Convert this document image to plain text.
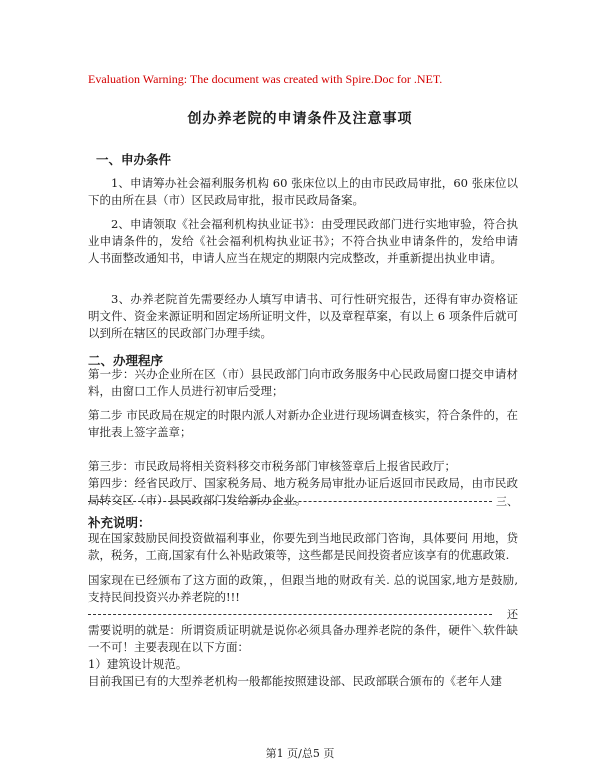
Evaluation Warning: The document was created with Spire.Doc for .NET.
创办养老院的申请条件及注意事项
一、申办条件
1、申请筹办社会福利服务机构 60 张床位以上的由市民政局审批，60 张床位以下的由所在县（市）区民政局审批，报市民政局备案。
2、申请领取《社会福利机构执业证书》：由受理民政部门进行实地审验，符合执业申请条件的，发给《社会福利机构执业证书》；不符合执业申请条件的，发给申请人书面整改通知书，申请人应当在规定的期限内完成整改，并重新提出执业申请。
3、办养老院首先需要经办人填写申请书、可行性研究报告，还得有审办资格证明文件、资金来源证明和固定场所证明文件，以及章程草案，有以上 6 项条件后就可以到所在辖区的民政部门办理手续。
二、办理程序
第一步：兴办企业所在区（市）县民政部门向市政务服务中心民政局窗口提交申请材料，由窗口工作人员进行初审后受理；
第二步 市民政局在规定的时限内派人对新办企业进行现场调查核实，符合条件的，在审批表上签字盖章；
第三步：市民政局将相关资料移交市税务部门审核签章后上报省民政厅；
第四步：经省民政厅、国家税务局、地方税务局审批办证后返回市民政局，由市民政局转交区（市）县民政部门发给新办企业。	三、
补充说明：
现在国家鼓励民间投资做福利事业，你要先到当地民政部门咨询，具体要问 用地，贷款，税务，工商,国家有什么补贴政策等，这些都是民间投资者应该享有的优惠政策.
国家现在已经颁布了这方面的政策，，但跟当地的财政有关. 总的说国家,地方是鼓励,支持民间投资兴办养老院的!!!
还
需要说明的就是：所谓资质证明就是说你必须具备办理养老院的条件，硬件＼软件缺一不可！主要表现在以下方面：
1）建筑设计规范。
目前我国已有的大型养老机构一般都能按照建设部、民政部联合颁布的《老年人建
第1 页/总5 页
